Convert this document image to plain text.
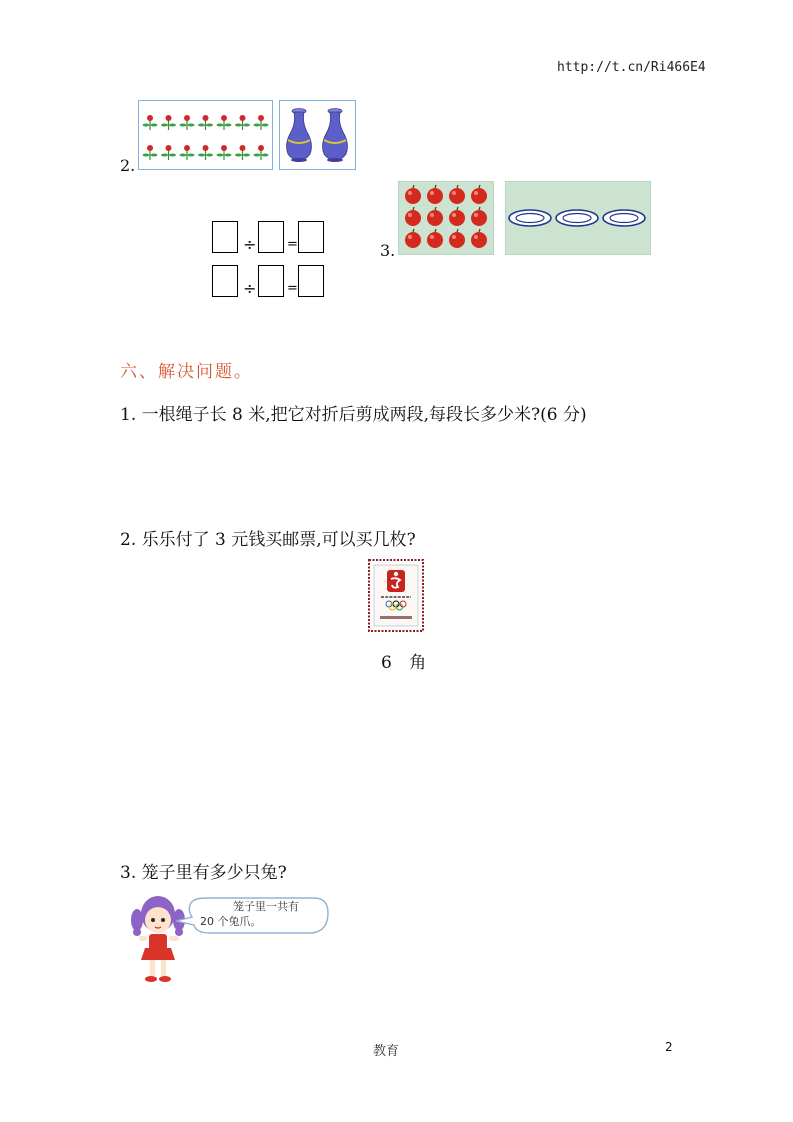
http://t.cn/Ri466E4
2.
÷ =
÷ =
3.
六、解决问题。
1. 一根绳子长 8 米,把它对折后剪成两段,每段长多少米?(6 分)
2. 乐乐付了 3 元钱买邮票,可以买几枚?
6 角
3. 笼子里有多少只兔?
笼子里一共有
20 个兔爪。
教育	2
